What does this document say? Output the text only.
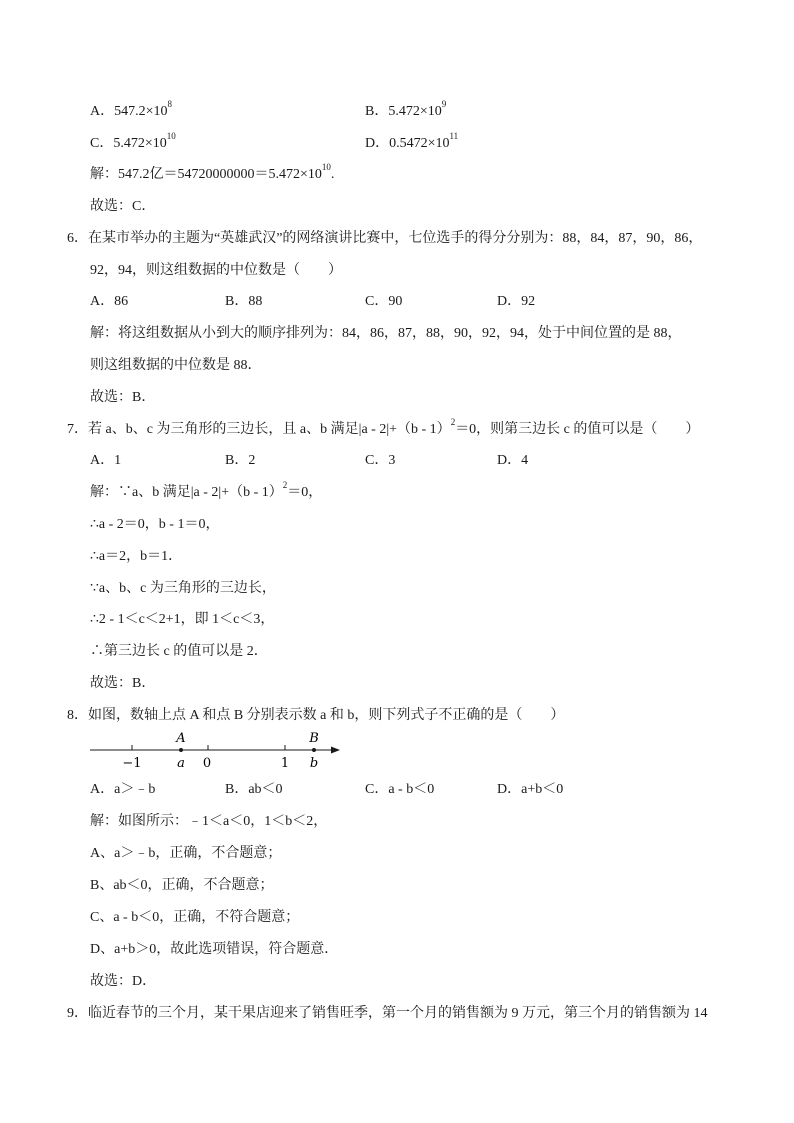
A．$547.2\times 10^8$	B．$5.472\times 10^9$
C．$5.472\times 10^{10}$	D．$0.5472\times 10^{11}$
解：547.2亿$=54720000000=5.472\times 10^{10}$.
故选：C．
6．在某市举办的主题为“英雄武汉”的网络演讲比赛中，七位选手的得分分别为：88，84，87，90，86，
92，94，则这组数据的中位数是（　　）
A．86	B．88	C．90	D．92
解：将这组数据从小到大的顺序排列为：84，86，87，88，90，92，94，处于中间位置的是 88，
则这组数据的中位数是 88．
故选：B．
7．若 a、b、c 为三角形的三边长，且 a、b 满足|a - 2|+（b - 1）$^2$＝0，则第三边长 c 的值可以是（　　）
A．1	B．2	C．3	D．4
解：∵a、b 满足|a - 2|+（b - 1）$^2$＝0，
∴a - 2＝0，b - 1＝0，
∴a＝2，b＝1．
∵a、b、c 为三角形的三边长，
∴2 - 1＜c＜2+1，即 1＜c＜3，
∴第三边长 c 的值可以是 2．
故选：B．
8．如图，数轴上点 A 和点 B 分别表示数 a 和 b，则下列式子不正确的是（　　）
A	B
−1	a 0	1 b
A．a＞﹣b	B．ab＜0	C．a - b＜0	D．a+b＜0
解：如图所示：﹣1＜a＜0，1＜b＜2，
A、a＞﹣b，正确，不合题意；
B、ab＜0，正确，不合题意；
C、a - b＜0，正确，不符合题意；
D、a+b＞0，故此选项错误，符合题意．
故选：D．
9．临近春节的三个月，某干果店迎来了销售旺季，第一个月的销售额为 9 万元，第三个月的销售额为 14
